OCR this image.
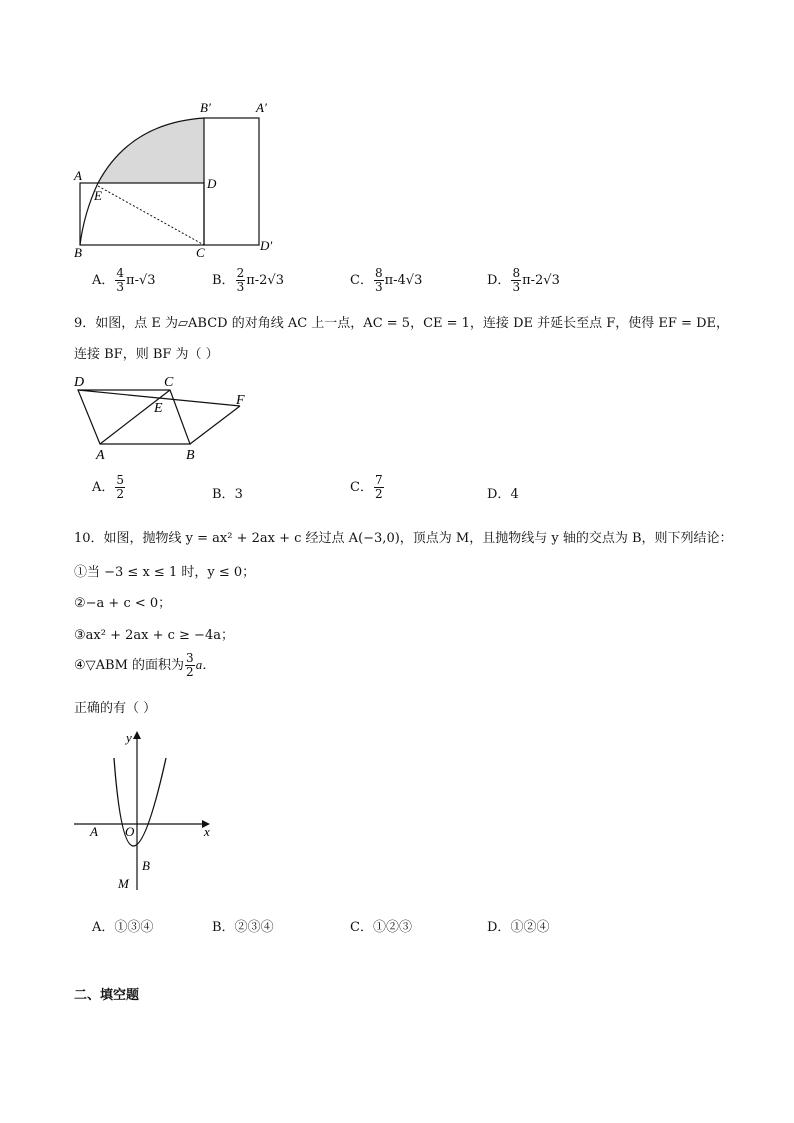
A
E
B	C
D
B′	A′
D′
A． $\frac{4}{3} \pi-√3$	B． $\frac{2}{3} \pi-2√3$	C． $\frac{8}{3} \pi-4√3$	D． $\frac{8}{3} \pi-2√3$
9．如图，点 E 为▱ABCD 的对角线 AC 上一点，AC = 5，CE = 1，连接 DE 并延长至点 F，使得 EF = DE，
连接 BF，则 BF 为（ ）
D	C
E
F
A	B
A． $\frac{5}{2}$	B．3	C． $\frac{7}{2}$	D．4
10．如图，抛物线 y = ax² + 2ax + c 经过点 A(−3,0)，顶点为 M，且抛物线与 y 轴的交点为 B，则下列结论：
①当 −3 ≤ x ≤ 1 时，y ≤ 0；
②−a + c < 0；
③ax² + 2ax + c ≥ −4a；
④▽ABM 的面积为 $\frac{3}{2}$ a．
正确的有（ ）
y
x
O
A
B
M
A．①③④	B．②③④	C．①②③	D．①②④
二、填空题
